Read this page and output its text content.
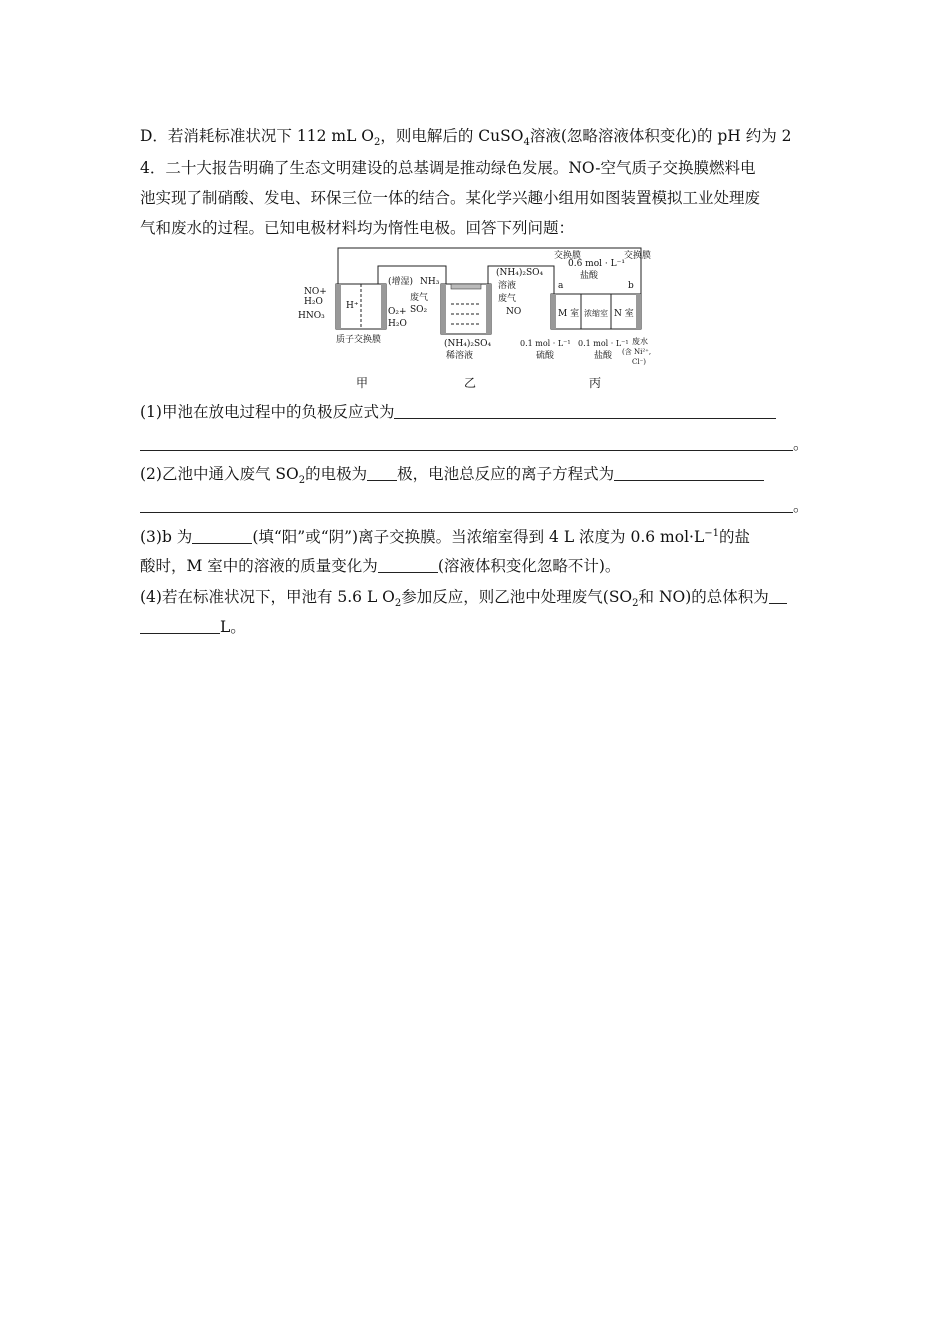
D．若消耗标准状况下 112 mL $O_2$，则电解后的 CuSO$_4$溶液(忽略溶液体积变化)的 pH 约为 2
4．二十大报告明确了生态文明建设的总基调是推动绿色发展。NO-空气质子交换膜燃料电
池实现了制硝酸、发电、环保三位一体的结合。某化学兴趣小组用如图装置模拟工业处理废
气和废水的过程。已知电极材料均为惰性电极。回答下列问题：
NO+
H₂O
HNO₃
H⁺
质子交换膜
(增湿)
O₂+
H₂O
NH₃
废气
SO₂
(NH₄)₂SO₄
溶液
废气
NO
(NH₄)₂SO₄
稀溶液
交换膜
a
0.6 mol · L⁻¹
盐酸
交换膜
b
M 室 浓缩室 N 室
0.1 mol · L⁻¹
硫酸
0.1 mol · L⁻¹
盐酸
废水
(含 Ni²⁺,
Cl⁻)
甲	乙	丙
(1)甲池在放电过程中的负极反应式为
。
(2)乙池中通入废气 $SO_2$的电极为 极，电池总反应的离子方程式为
。
(3)b 为	(填“阳”或“阴”)离子交换膜。当浓缩室得到 4 L 浓度为 0.6 $mol\cdot L^{-1}$的盐
酸时，M 室中的溶液的质量变化为	(溶液体积变化忽略不计)。
(4)若在标准状况下，甲池有 5.6 L $O_2$参加反应，则乙池中处理废气($SO_2$和 NO)的总体积为
L。
